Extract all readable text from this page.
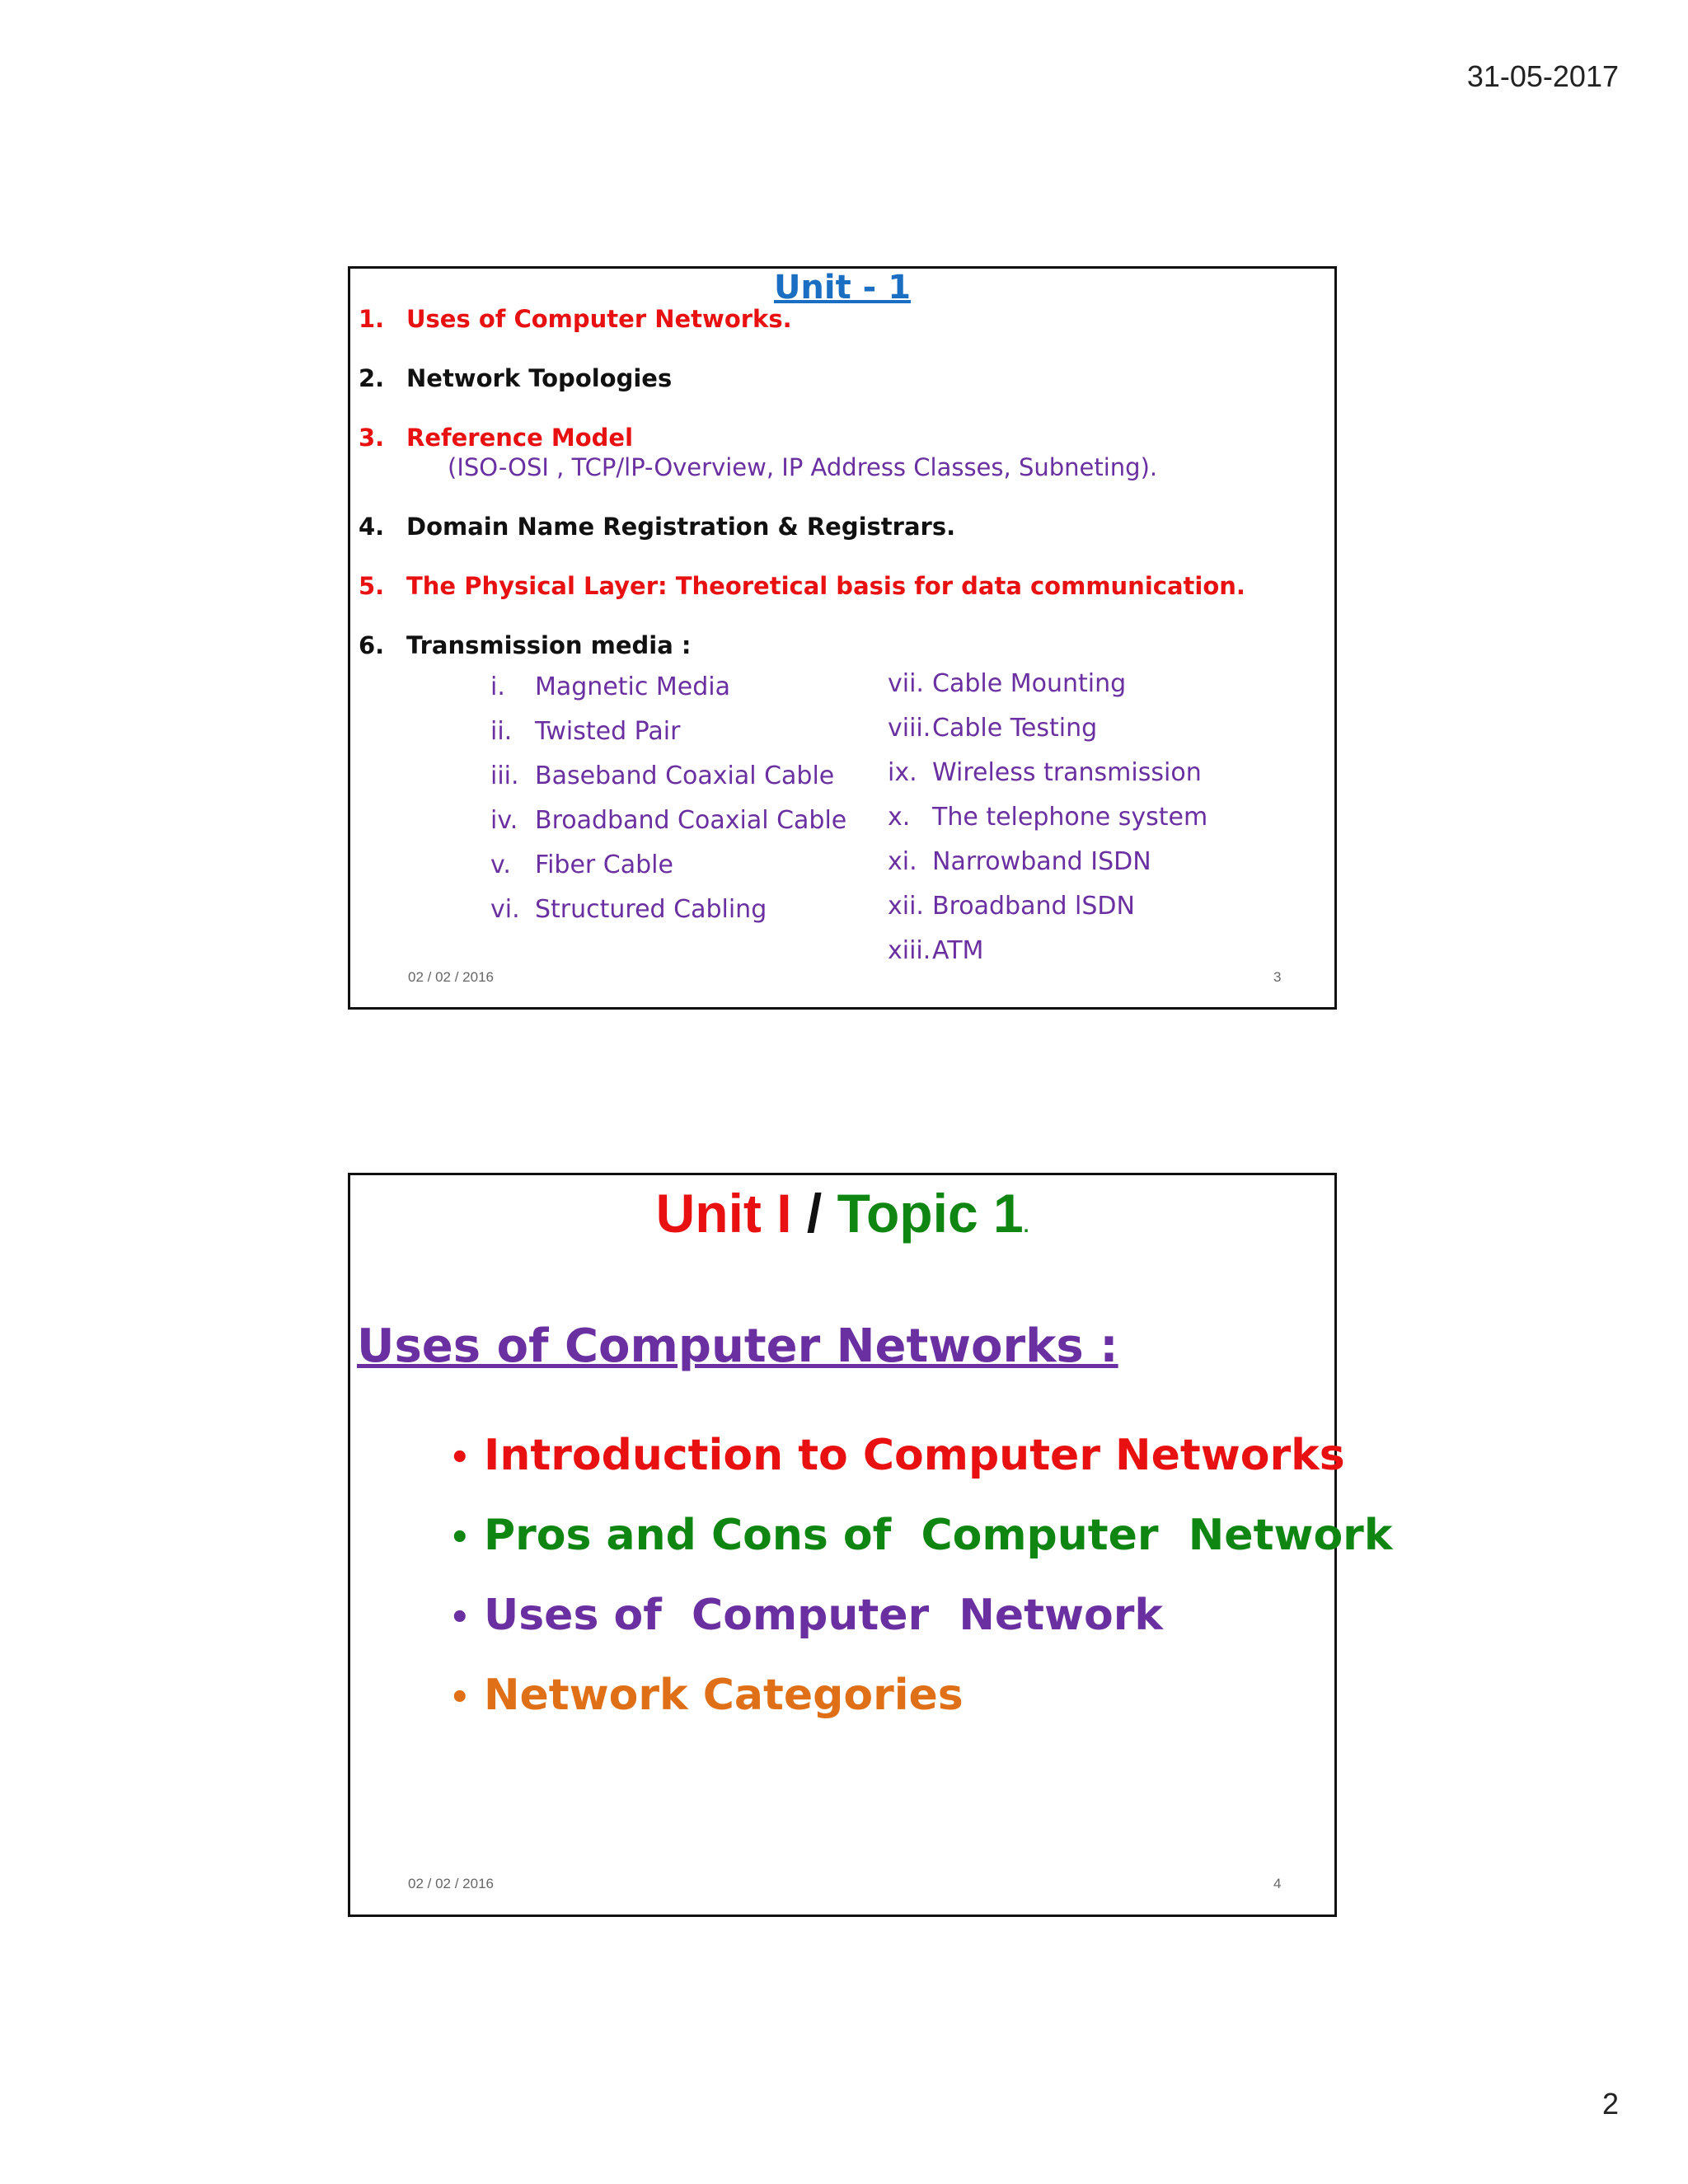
31-05-2017
Unit - 1
1. Uses of Computer Networks.
2. Network Topologies
3. Reference Model
(ISO-OSI , TCP/lP-Overview, IP Address Classes, Subneting).
4. Domain Name Registration & Registrars.
5. The Physical Layer: Theoretical basis for data communication.
6. Transmission media :
i. Magnetic Media
ii. Twisted Pair
iii. Baseband Coaxial Cable
iv. Broadband Coaxial Cable
v. Fiber Cable
vi. Structured Cabling
vii. Cable Mounting
viii.Cable Testing
ix. Wireless transmission
x. The telephone system
xi. Narrowband ISDN
xii. Broadband lSDN
xiii.ATM
02 / 02 / 2016	3
Unit I / Topic 1.
Uses of Computer Networks :
• Introduction to Computer Networks
• Pros and Cons of  Computer  Network
• Uses of  Computer  Network
• Network Categories
02 / 02 / 2016	4
2
